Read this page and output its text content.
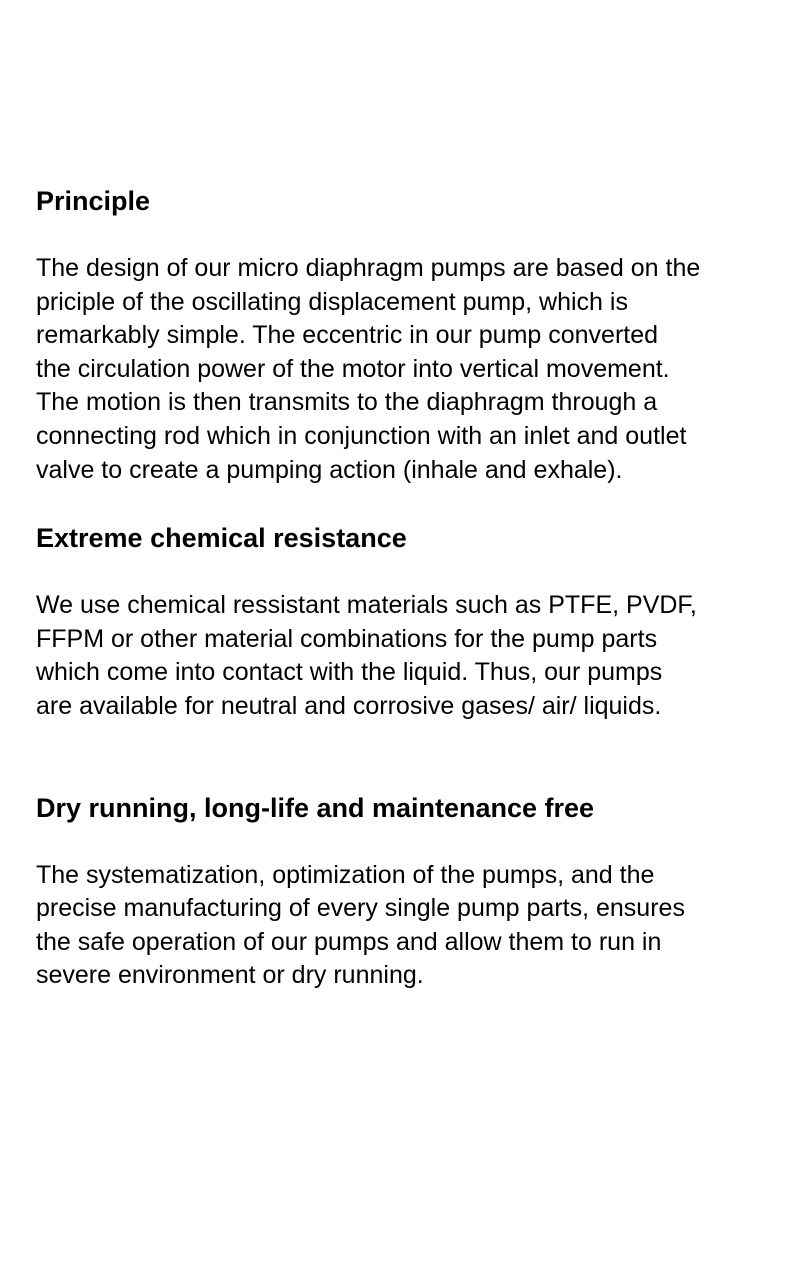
Principle

The design of our micro diaphragm pumps are based on the
priciple of the oscillating displacement pump, which is
remarkably simple. The eccentric in our pump converted
the circulation power of the motor into vertical movement.
The motion is then transmits to the diaphragm through a
connecting rod which in conjunction with an inlet and outlet
valve to create a pumping action (inhale and exhale).

Extreme chemical resistance

We use chemical ressistant materials such as PTFE, PVDF,
FFPM or other material combinations for the pump parts
which come into contact with the liquid. Thus, our pumps
are available for neutral and corrosive gases/ air/ liquids.

Dry running, long-life and maintenance free

The systematization, optimization of the pumps, and the
precise manufacturing of every single pump parts, ensures
the safe operation of our pumps and allow them to run in
severe environment or dry running.
